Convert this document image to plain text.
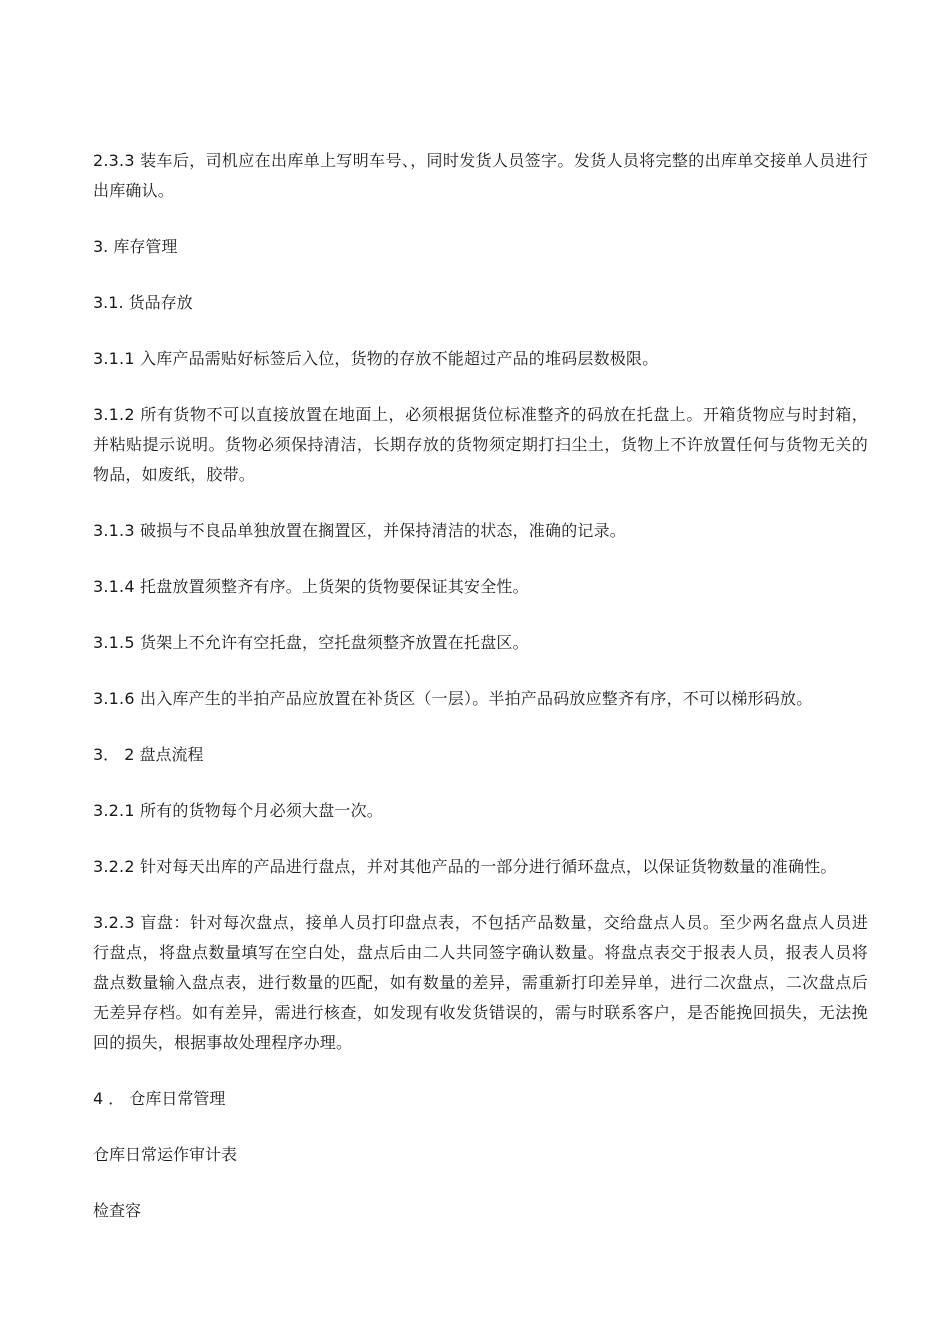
2.3.3 装车后，司机应在出库单上写明车号、，同时发货人员签字。发货人员将完整的出库单交接单人员进行出库确认。

3. 库存管理

3.1. 货品存放

3.1.1 入库产品需贴好标签后入位，货物的存放不能超过产品的堆码层数极限。

3.1.2 所有货物不可以直接放置在地面上，必须根据货位标准整齐的码放在托盘上。开箱货物应与时封箱，并粘贴提示说明。货物必须保持清洁，长期存放的货物须定期打扫尘土，货物上不许放置任何与货物无关的物品，如废纸，胶带。

3.1.3 破损与不良品单独放置在搁置区，并保持清洁的状态，准确的记录。

3.1.4 托盘放置须整齐有序。上货架的货物要保证其安全性。

3.1.5 货架上不允许有空托盘，空托盘须整齐放置在托盘区。

3.1.6 出入库产生的半拍产品应放置在补货区（一层）。半拍产品码放应整齐有序，不可以梯形码放。

3． 2 盘点流程

3.2.1 所有的货物每个月必须大盘一次。

3.2.2 针对每天出库的产品进行盘点，并对其他产品的一部分进行循环盘点，以保证货物数量的准确性。

3.2.3 盲盘：针对每次盘点，接单人员打印盘点表，不包括产品数量，交给盘点人员。至少两名盘点人员进行盘点，将盘点数量填写在空白处，盘点后由二人共同签字确认数量。将盘点表交于报表人员，报表人员将盘点数量输入盘点表，进行数量的匹配，如有数量的差异，需重新打印差异单，进行二次盘点，二次盘点后无差异存档。如有差异，需进行核查，如发现有收发货错误的，需与时联系客户，是否能挽回损失，无法挽回的损失，根据事故处理程序办理。

4 ． 仓库日常管理

仓库日常运作审计表

检查容
